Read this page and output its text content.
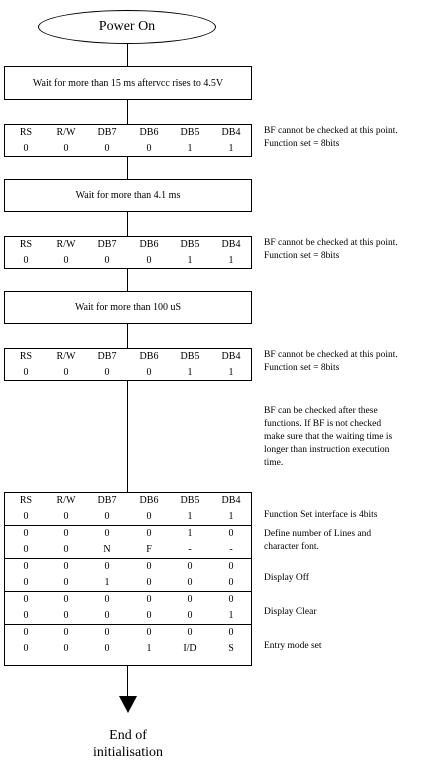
Power On
Wait for more than 15 ms aftervcc rises to 4.5V
RS	R/W	DB7	DB6	DB5	DB4
0	0	0	0	1	1
BF cannot be checked at this point.
Function set = 8bits
Wait for more than 4.1 ms
RS	R/W	DB7	DB6	DB5	DB4
0	0	0	0	1	1
BF cannot be checked at this point.
Function set = 8bits
Wait for more than 100 uS
RS	R/W	DB7	DB6	DB5	DB4
0	0	0	0	1	1
BF cannot be checked at this point.
Function set = 8bits
BF can be checked after these
functions. If BF is not checked
make sure that the waiting time is
longer than instruction execution
time.
RS	R/W	DB7	DB6	DB5	DB4
0	0	0	0	1	1
0	0	0	0	1	0
0	0	N	F	-	-
0	0	0	0	0	0
0	0	1	0	0	0
0	0	0	0	0	0
0	0	0	0	0	1
0	0	0	0	0	0
0	0	0	1	I/D	S
Function Set interface is 4bits
Define number of Lines and
character font.
Display Off
Display Clear
Entry mode set
End of
initialisation
